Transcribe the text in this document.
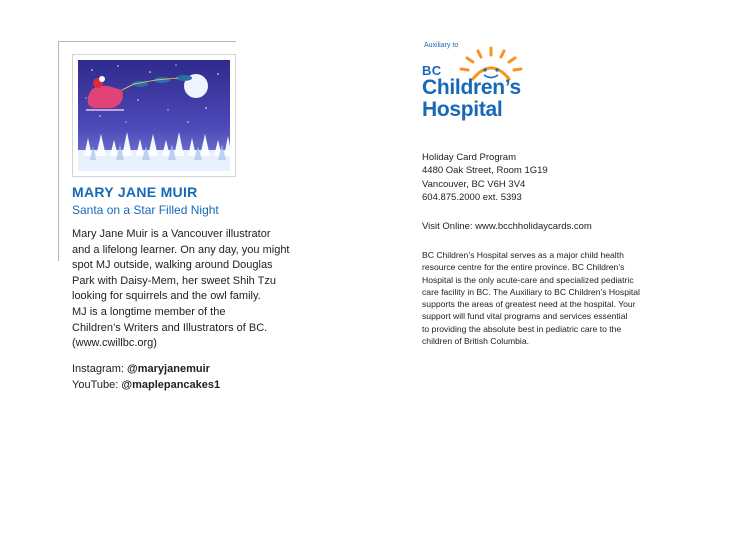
MARY JANE MUIR
Santa on a Star Filled Night
Mary Jane Muir is a Vancouver illustrator
and a lifelong learner. On any day, you might
spot MJ outside, walking around Douglas
Park with Daisy-Mem, her sweet Shih Tzu
looking for squirrels and the owl family.
MJ is a longtime member of the
Children’s Writers and Illustrators of BC.
(www.cwillbc.org)
Instagram: @maryjanemuir
YouTube: @maplepancakes1
Auxiliary to
BC
Children’s
Hospital
Holiday Card Program
4480 Oak Street, Room 1G19
Vancouver, BC V6H 3V4
604.875.2000 ext. 5393
Visit Online: www.bcchholidaycards.com
BC Children’s Hospital serves as a major child health
resource centre for the entire province. BC Children’s
Hospital is the only acute-care and specialized pediatric
care facility in BC. The Auxiliary to BC Children’s Hospital
supports the areas of greatest need at the hospital. Your
support will fund vital programs and services essential
to providing the absolute best in pediatric care to the
children of British Columbia.
